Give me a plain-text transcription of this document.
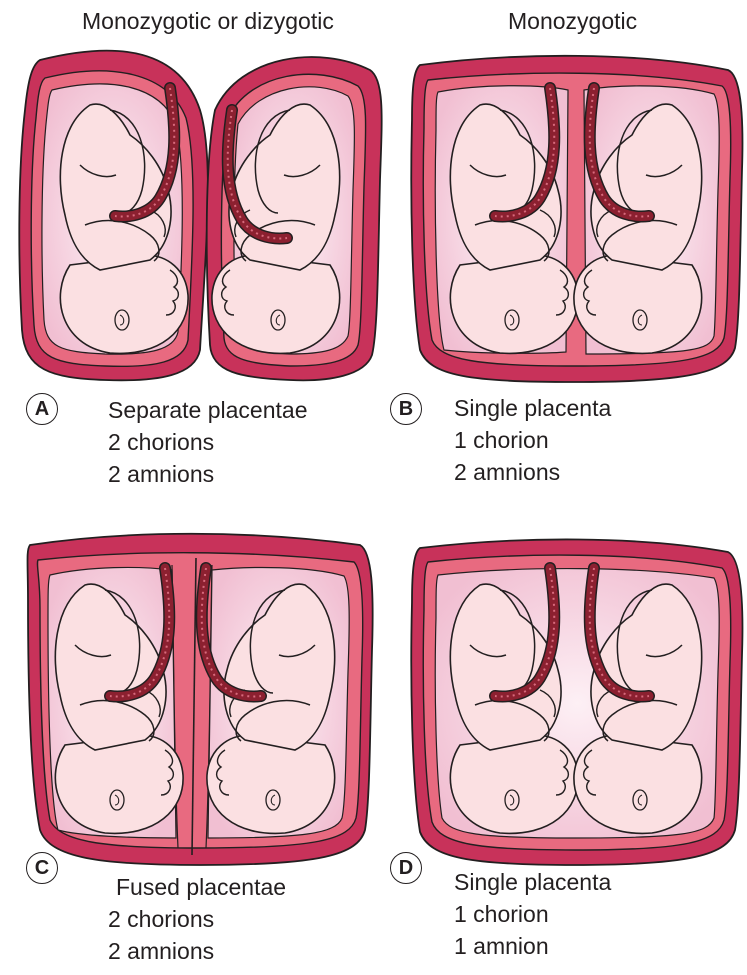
Monozygotic or dizygotic	Monozygotic
A	B
C	D
Separate placentae
2 chorions
2 amnions
Single placenta
1 chorion
2 amnions
Fused placentae
2 chorions
2 amnions
Single placenta
1 chorion
1 amnion
